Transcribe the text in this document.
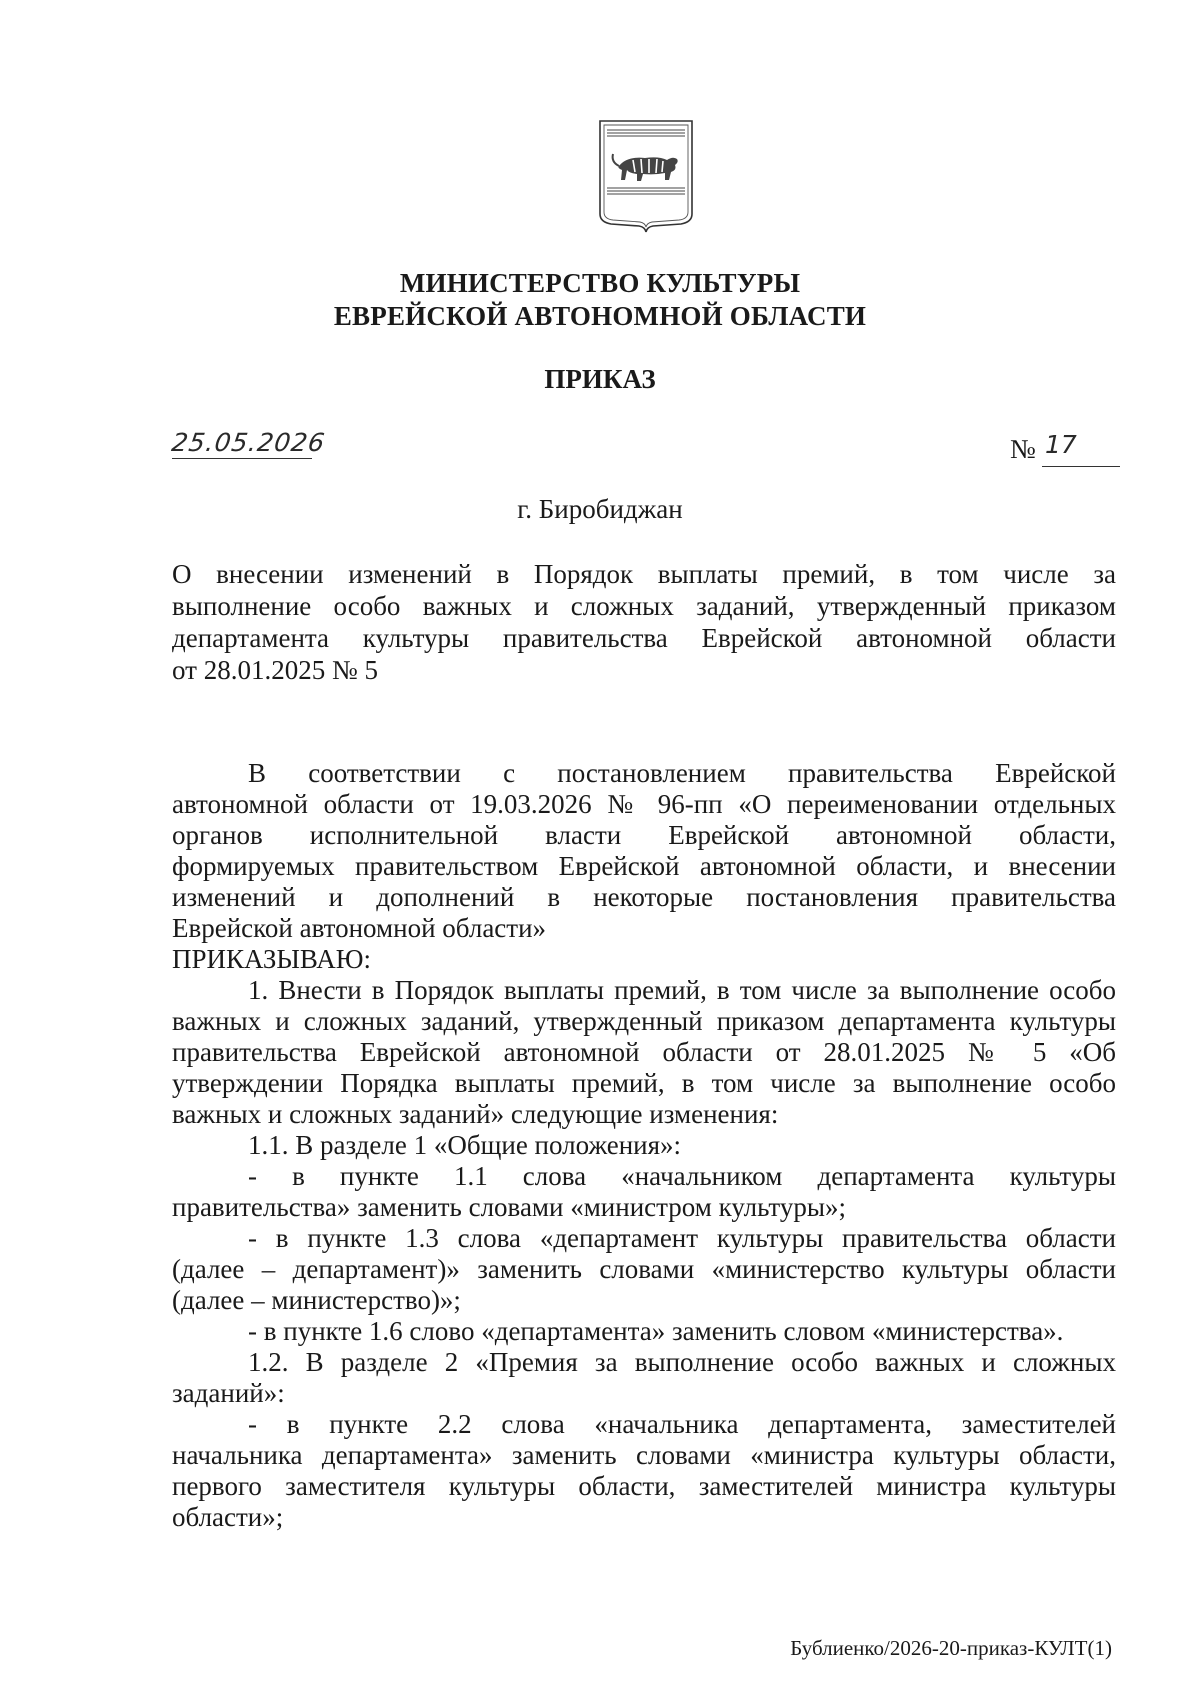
МИНИСТЕРСТВО КУЛЬТУРЫ
ЕВРЕЙСКОЙ АВТОНОМНОЙ ОБЛАСТИ
ПРИКАЗ
25.05.2026	№ 17
г. Биробиджан
О внесении изменений в Порядок выплаты премий, в том числе за
выполнение особо важных и сложных заданий, утвержденный приказом
департамента культуры правительства Еврейской автономной области
от 28.01.2025 № 5
В соответствии с постановлением правительства Еврейской
автономной области от 19.03.2026 № 96-пп «О переименовании отдельных
органов исполнительной власти Еврейской автономной области,
формируемых правительством Еврейской автономной области, и внесении
изменений и дополнений в некоторые постановления правительства
Еврейской автономной области»
ПРИКАЗЫВАЮ:
1. Внести в Порядок выплаты премий, в том числе за выполнение особо
важных и сложных заданий, утвержденный приказом департамента культуры
правительства Еврейской автономной области от 28.01.2025 № 5 «Об
утверждении Порядка выплаты премий, в том числе за выполнение особо
важных и сложных заданий» следующие изменения:
1.1. В разделе 1 «Общие положения»:
- в пункте 1.1 слова «начальником департамента культуры
правительства» заменить словами «министром культуры»;
- в пункте 1.3 слова «департамент культуры правительства области
(далее – департамент)» заменить словами «министерство культуры области
(далее – министерство)»;
- в пункте 1.6 слово «департамента» заменить словом «министерства».
1.2. В разделе 2 «Премия за выполнение особо важных и сложных
заданий»:
- в пункте 2.2 слова «начальника департамента, заместителей
начальника департамента» заменить словами «министра культуры области,
первого заместителя культуры области, заместителей министра культуры
области»;
Бублиенко/2026-20-приказ-КУЛТ(1)
